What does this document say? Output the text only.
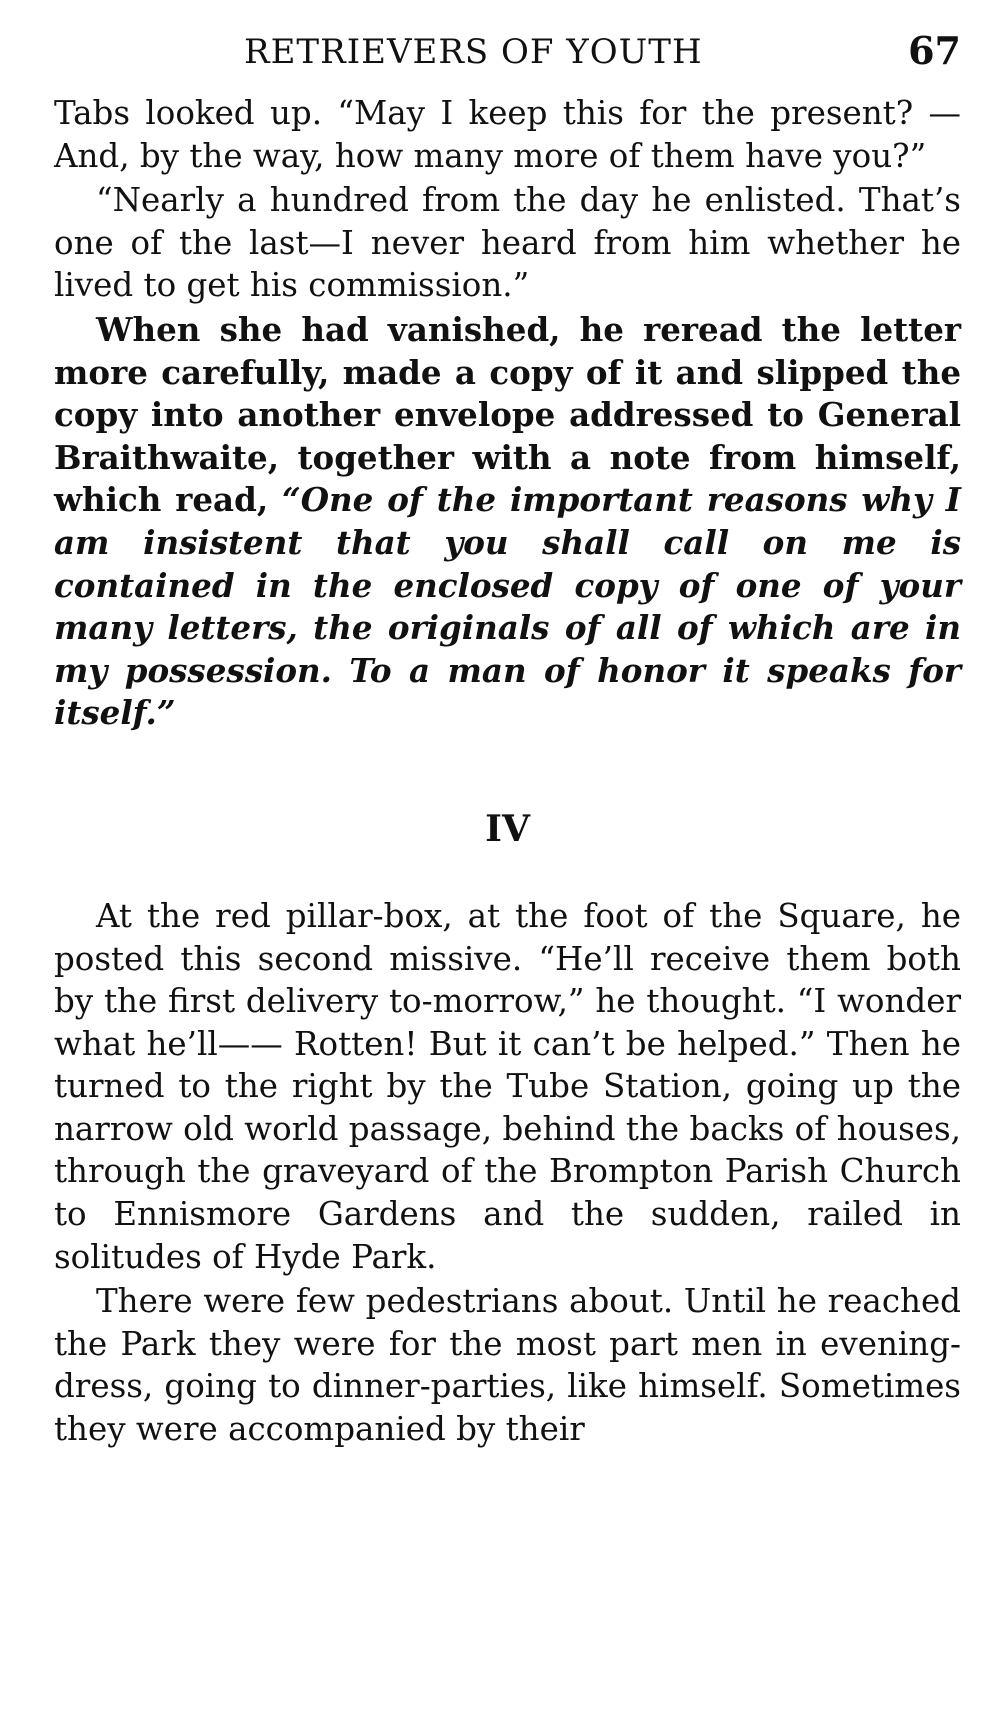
RETRIEVERS OF YOUTH	67

Tabs looked up. “May I keep this for the present? —And, by the way, how many more of them have you?”

“Nearly a hundred from the day he enlisted. That’s one of the last—I never heard from him whether he lived to get his commission.”

When she had vanished, he reread the letter more carefully, made a copy of it and slipped the copy into another envelope addressed to General Braithwaite, together with a note from himself, which read, “One of the important reasons why I am insistent that you shall call on me is contained in the enclosed copy of one of your many letters, the originals of all of which are in my possession. To a man of honor it speaks for itself.”

IV

At the red pillar-box, at the foot of the Square, he posted this second missive. “He’ll receive them both by the first delivery to-morrow,” he thought. “I wonder what he’ll—— Rotten! But it can’t be helped.” Then he turned to the right by the Tube Station, going up the narrow old world passage, behind the backs of houses, through the graveyard of the Brompton Parish Church to Ennismore Gardens and the sudden, railed in solitudes of Hyde Park.

There were few pedestrians about. Until he reached the Park they were for the most part men in evening-dress, going to dinner-parties, like himself. Sometimes they were accompanied by their
